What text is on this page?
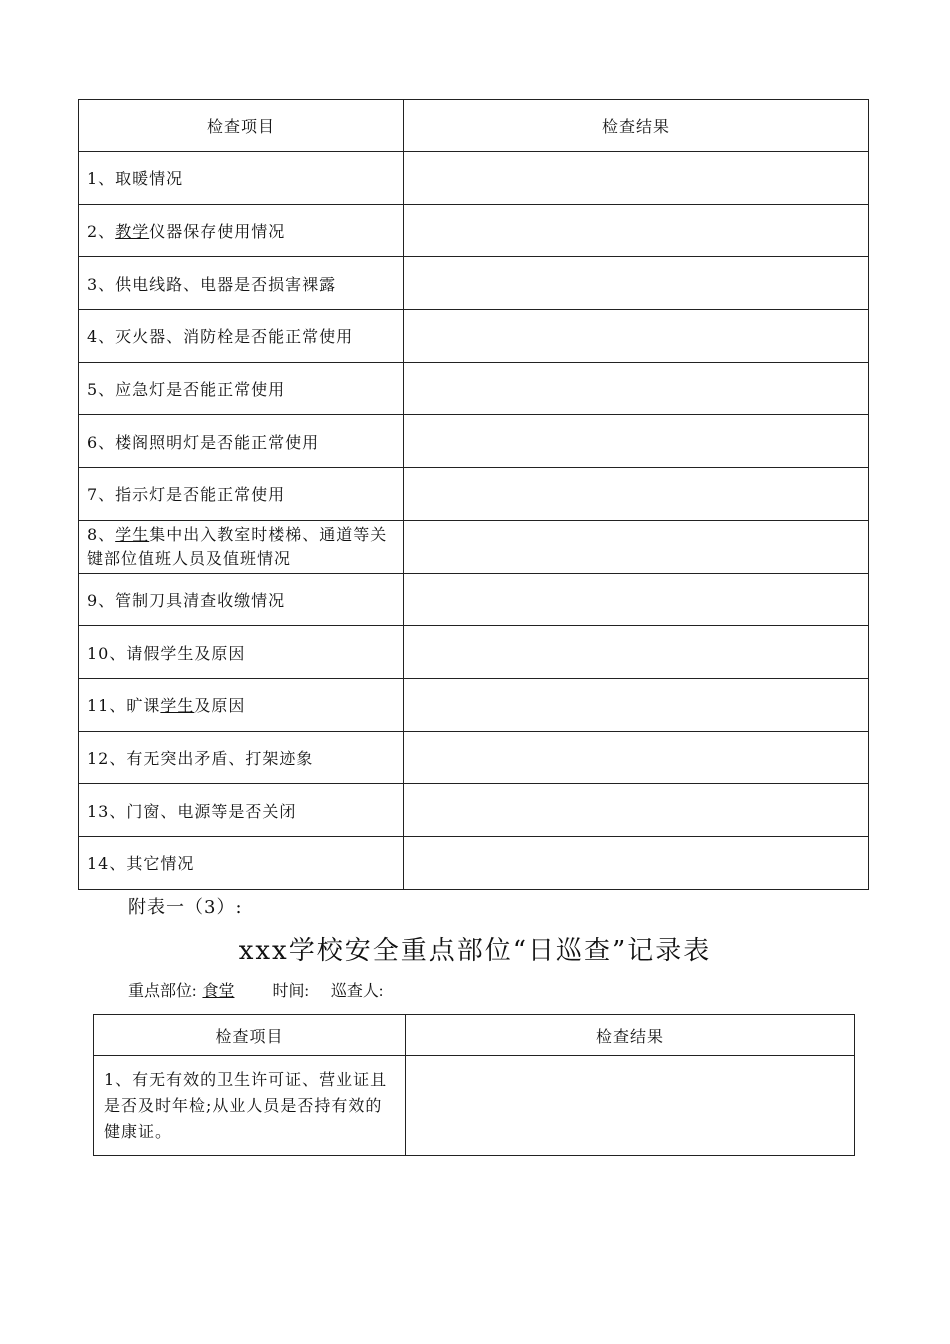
检查项目	检查结果
1、取暖情况	
2、教学仪器保存使用情况	
3、供电线路、电器是否损害裸露	
4、灭火器、消防栓是否能正常使用	
5、应急灯是否能正常使用	
6、楼阁照明灯是否能正常使用	
7、指示灯是否能正常使用	
8、学生集中出入教室时楼梯、通道等关键部位值班人员及值班情况	
9、管制刀具清查收缴情况	
10、请假学生及原因	
11、旷课学生及原因	
12、有无突出矛盾、打架迹象	
13、门窗、电源等是否关闭	
14、其它情况	
附表一（3）:
xxx学校安全重点部位“日巡查”记录表
重点部位: 食堂 时间: 巡查人:
检查项目	检查结果
1、有无有效的卫生许可证、营业证且是否及时年检;从业人员是否持有效的健康证。	
